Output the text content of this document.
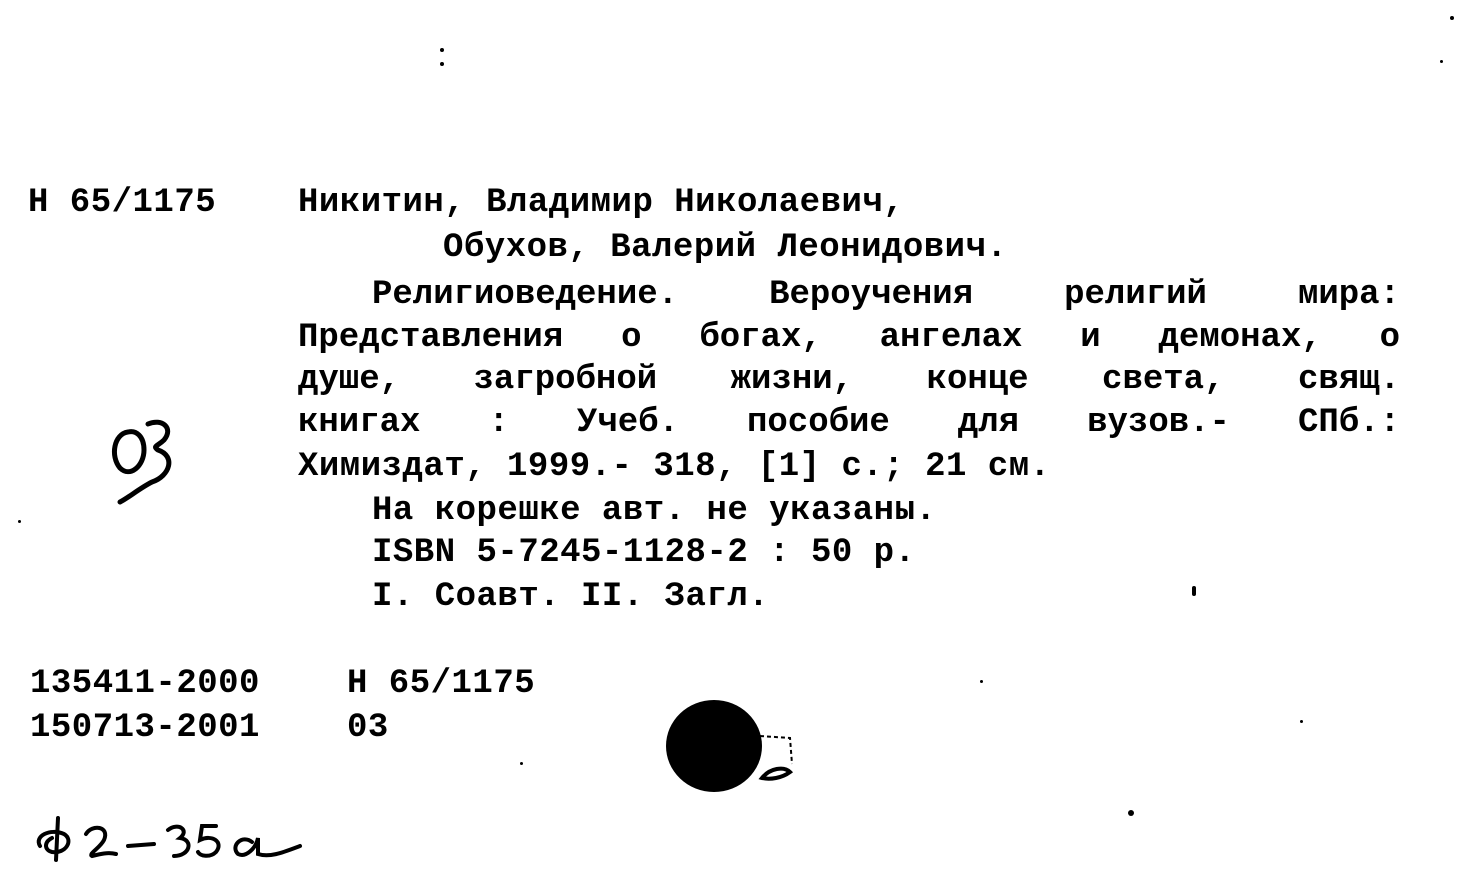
Н 65/1175 Никитин, Владимир Николаевич,
Обухов, Валерий Леонидович.
Религиоведение. Вероучения религий мира:
Представления о богах, ангелах и демонах, о
душе, загробной жизни, конце света, свящ.
книгах : Учеб. пособие для вузов.- СПб.:
Химиздат, 1999.- 318, [1] с.; 21 см.
На корешке авт. не указаны.
ISBN 5-7245-1128-2 : 50 р.
I. Соавт. II. Загл.
135411-2000	Н 65/1175
150713-2001	03
